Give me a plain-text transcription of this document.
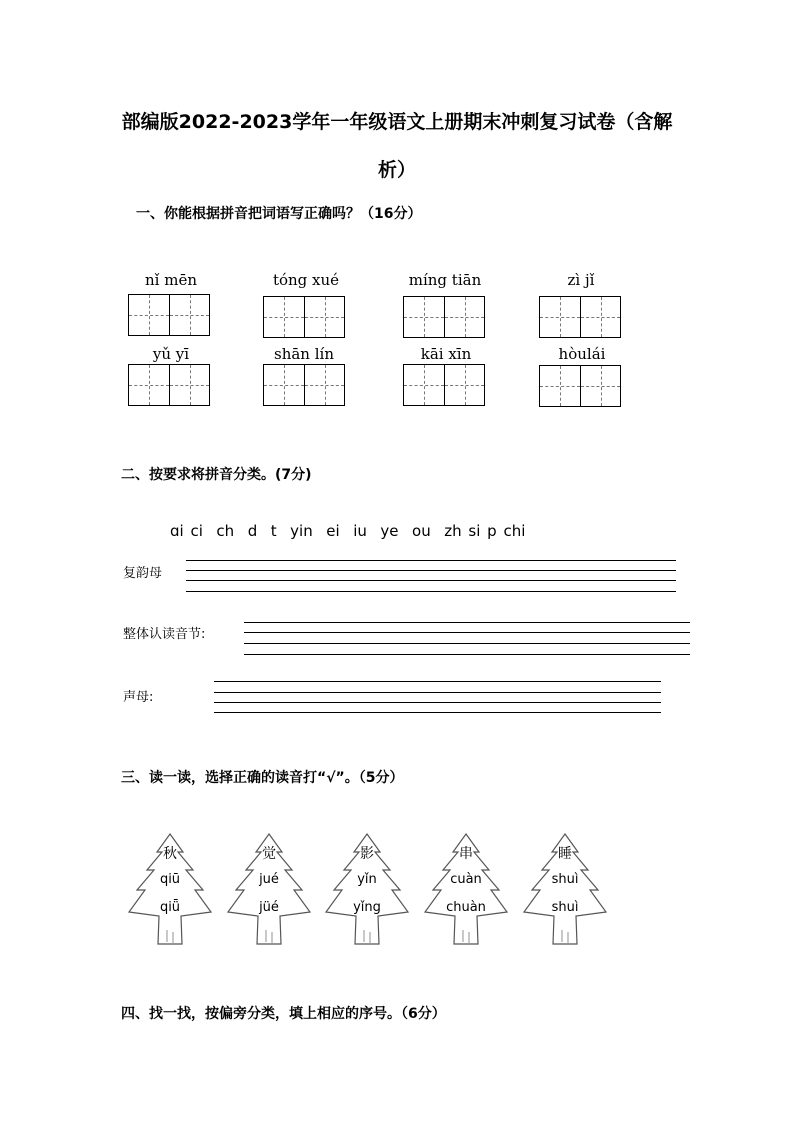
部编版2022-2023学年一年级语文上册期末冲刺复习试卷（含解析）
一、你能根据拼音把词语写正确吗？（16分）
nǐ mēn	tóng xué	míng tiān	zì jǐ
yǔ yī	shān lín	kāi xīn	hòulái
二、按要求将拼音分类。(7分)
ɑi ci  ch  d  t  yin  ei  iu  ye  ou  zh si p chi
复韵母
整体认读音节:
声母:
三、读一读，选择正确的读音打“√”。（5分）
秋
qiū
qiǖ
觉
jué
jüé
影
yǐn
yǐng
串
cuàn
chuàn
睡
shuì
shuì
四、找一找，按偏旁分类，填上相应的序号。（6分）
